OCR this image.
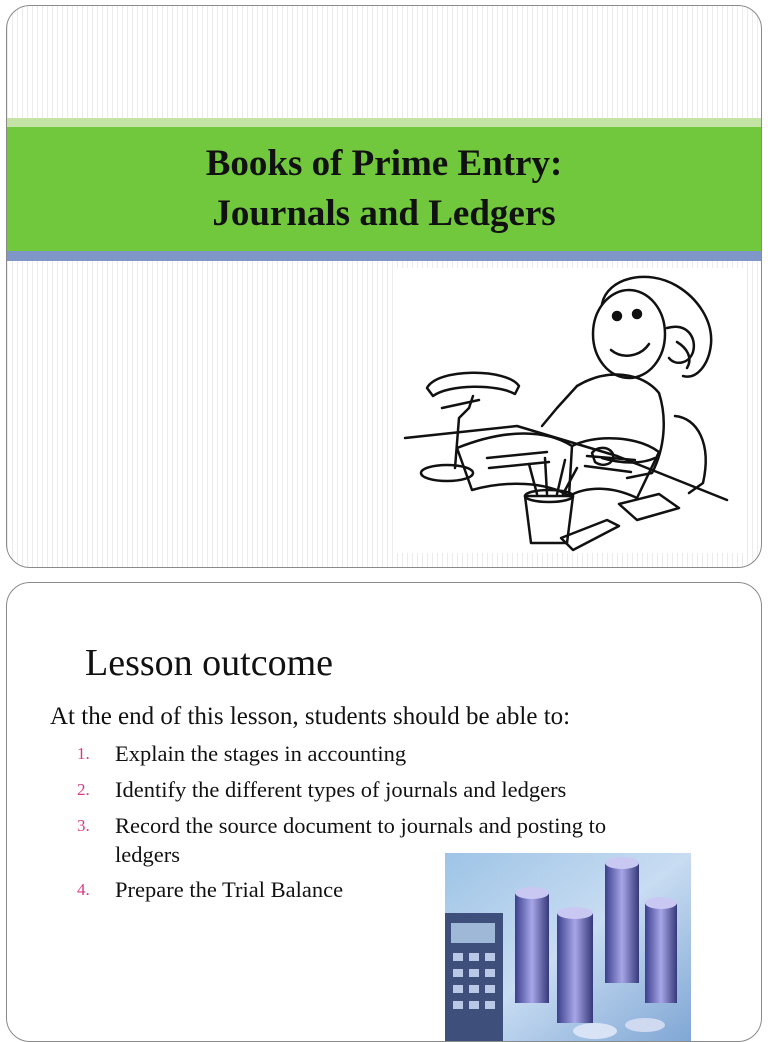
Books of Prime Entry:
Journals and Ledgers
Lesson outcome
At the end of this lesson, students should be able to:
1.	Explain the stages in accounting
2.	Identify the different types of journals and ledgers
3.	Record the source document to journals and posting to ledgers
4.	Prepare the Trial Balance
